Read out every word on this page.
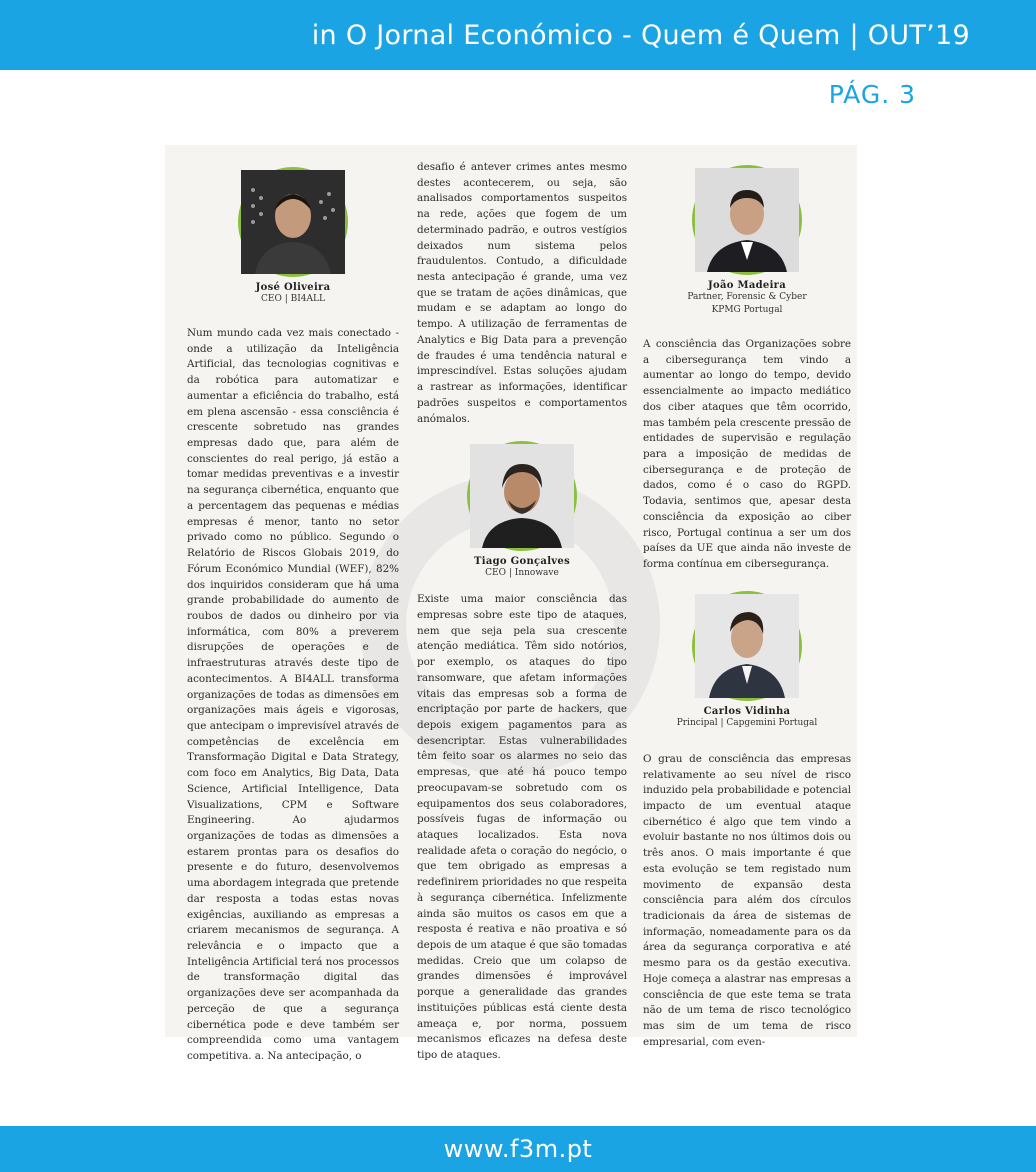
in O Jornal Económico - Quem é Quem | OUT’19
PÁG. 3
José Oliveira
CEO | BI4ALL

Num mundo cada vez mais conectado - onde a utilização da Inteligência Artificial, das tecnologias cognitivas e da robótica para automatizar e aumentar a eficiência do trabalho, está em plena ascensão - essa consciência é crescente sobretudo nas grandes empresas dado que, para além de conscientes do real perigo, já estão a tomar medidas preventivas e a investir na segurança cibernética, enquanto que a percentagem das pequenas e médias empresas é menor, tanto no setor privado como no público. Segundo o Relatório de Riscos Globais 2019, do Fórum Económico Mundial (WEF), 82% dos inquiridos consideram que há uma grande probabilidade do aumento de roubos de dados ou dinheiro por via informática, com 80% a preverem disrupções de operações e de infraestruturas através deste tipo de acontecimentos. A BI4ALL transforma organizações de todas as dimensões em organizações mais ágeis e vigorosas, que antecipam o imprevisível através de competências de excelência em Transformação Digital e Data Strategy, com foco em Analytics, Big Data, Data Science, Artificial Intelligence, Data Visualizations, CPM e Software Engineering. Ao ajudarmos organizações de todas as dimensões a estarem prontas para os desafios do presente e do futuro, desenvolvemos uma abordagem integrada que pretende dar resposta a todas estas novas exigências, auxiliando as empresas a criarem mecanismos de segurança. A relevância e o impacto que a Inteligência Artificial terá nos processos de transformação digital das organizações deve ser acompanhada da perceção de que a segurança cibernética pode e deve também ser compreendida como uma vantagem competitiva. a. Na antecipação, o

desafio é antever crimes antes mesmo destes acontecerem, ou seja, são analisados comportamentos suspeitos na rede, ações que fogem de um determinado padrão, e outros vestígios deixados num sistema pelos fraudulentos. Contudo, a dificuldade nesta antecipação é grande, uma vez que se tratam de ações dinâmicas, que mudam e se adaptam ao longo do tempo. A utilização de ferramentas de Analytics e Big Data para a prevenção de fraudes é uma tendência natural e imprescindível. Estas soluções ajudam a rastrear as informações, identificar padrões suspeitos e comportamentos anómalos.

Tiago Gonçalves
CEO | Innowave

Existe uma maior consciência das empresas sobre este tipo de ataques, nem que seja pela sua crescente atenção mediática. Têm sido notórios, por exemplo, os ataques do tipo ransomware, que afetam informações vitais das empresas sob a forma de encriptação por parte de hackers, que depois exigem pagamentos para as desencriptar. Estas vulnerabilidades têm feito soar os alarmes no seio das empresas, que até há pouco tempo preocupavam-se sobretudo com os equipamentos dos seus colaboradores, possíveis fugas de informação ou ataques localizados. Esta nova realidade afeta o coração do negócio, o que tem obrigado as empresas a redefinirem prioridades no que respeita à segurança cibernética. Infelizmente ainda são muitos os casos em que a resposta é reativa e não proativa e só depois de um ataque é que são tomadas medidas. Creio que um colapso de grandes dimensões é improvável porque a generalidade das grandes instituições públicas está ciente desta ameaça e, por norma, possuem mecanismos eficazes na defesa deste tipo de ataques.

João Madeira
Partner, Forensic & Cyber
KPMG Portugal

A consciência das Organizações sobre a cibersegurança tem vindo a aumentar ao longo do tempo, devido essencialmente ao impacto mediático dos ciber ataques que têm ocorrido, mas também pela crescente pressão de entidades de supervisão e regulação para a imposição de medidas de cibersegurança e de proteção de dados, como é o caso do RGPD. Todavia, sentimos que, apesar desta consciência da exposição ao ciber risco, Portugal continua a ser um dos países da UE que ainda não investe de forma contínua em cibersegurança.

Carlos Vidinha
Principal | Capgemini Portugal

O grau de consciência das empresas relativamente ao seu nível de risco induzido pela probabilidade e potencial impacto de um eventual ataque cibernético é algo que tem vindo a evoluir bastante no nos últimos dois ou três anos. O mais importante é que esta evolução se tem registado num movimento de expansão desta consciência para além dos círculos tradicionais da área de sistemas de informação, nomeadamente para os da área da segurança corporativa e até mesmo para os da gestão executiva. Hoje começa a alastrar nas empresas a consciência de que este tema se trata não de um tema de risco tecnológico mas sim de um tema de risco empresarial, com even-

www.f3m.pt
